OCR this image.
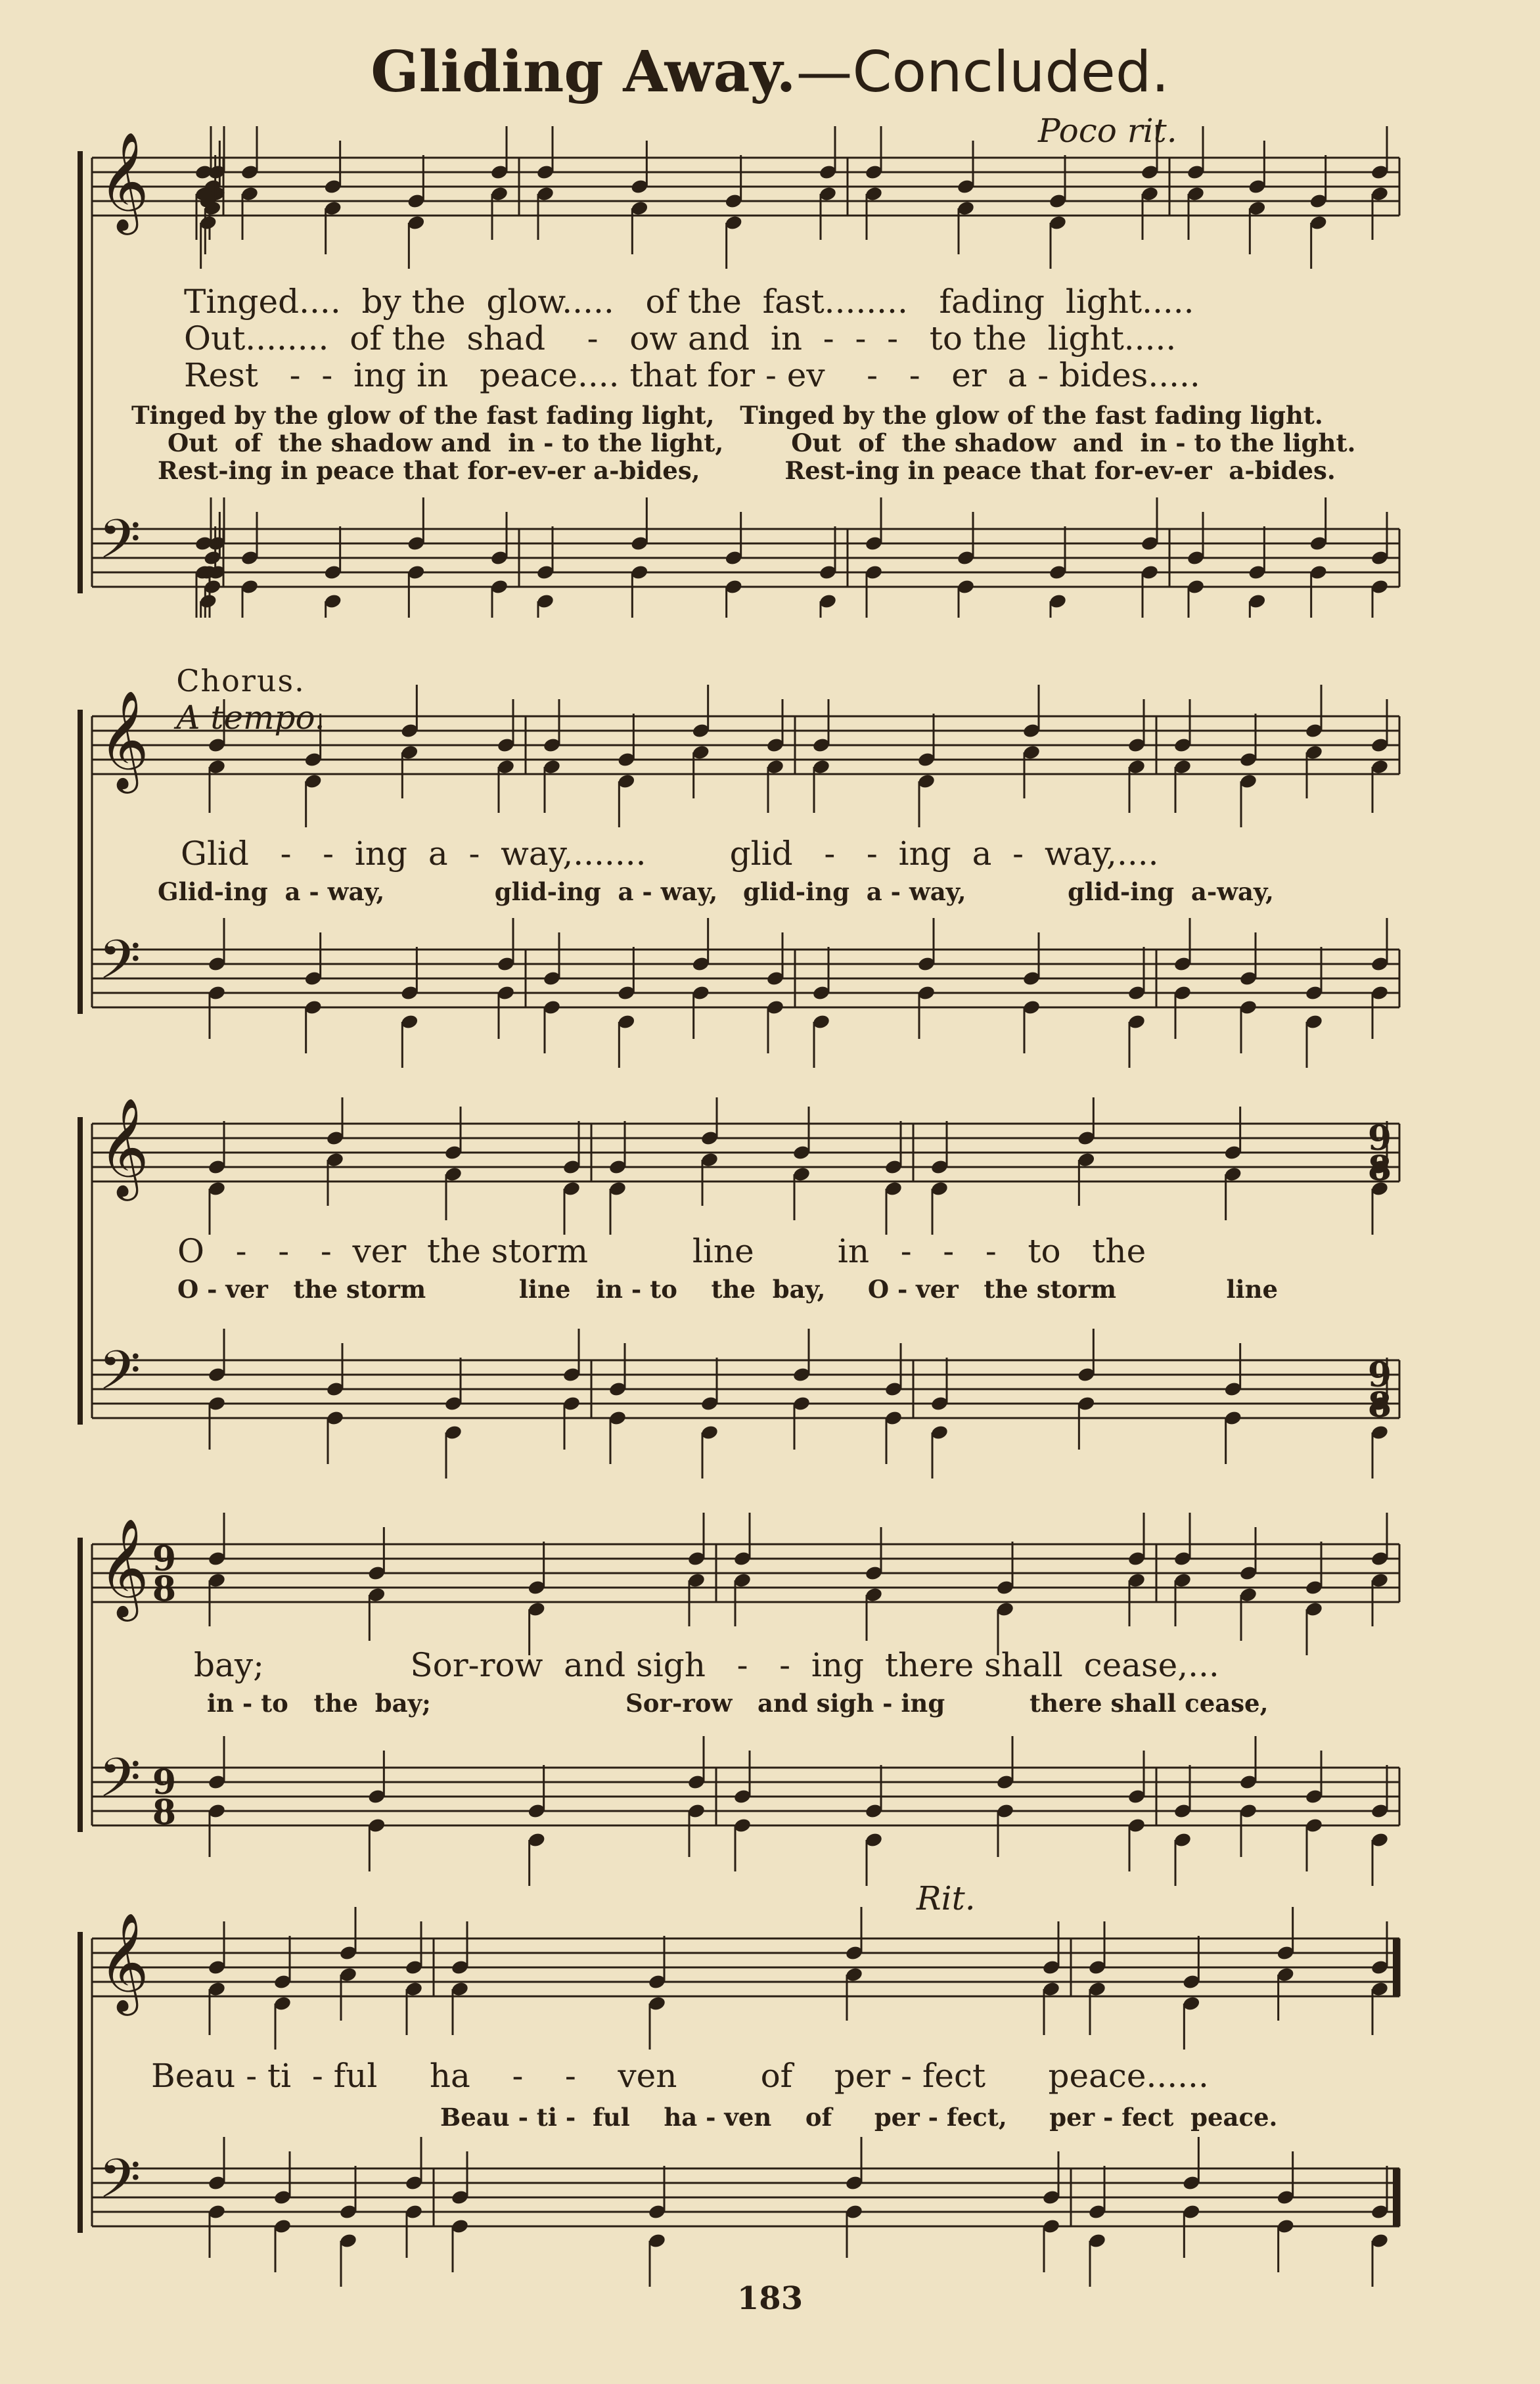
Gliding Away.—Concluded.
𝄞
𝄢
Poco rit.
Tinged....  by the  glow.....   of the  fast........   fading  light.....
Out........  of the  shad    -   ow and  in  -  -  -   to the  light.....
Rest   -  -  ing in   peace.... that for - ev    -   -   er  a - bides.....
Tinged by the glow of the fast fading light,   Tinged by the glow of the fast fading light.
Out  of  the shadow and  in - to the light,        Out  of  the shadow  and  in - to the light.
Rest-ing in peace that for-ev-er a-bides,          Rest-ing in peace that for-ev-er  a-bides.
𝄞
𝄢

Chorus.
A tempo.

Glid   -   -  ing  a  -  way,.......        glid   -   -  ing  a  -  way,....
Glid-ing  a - way,             glid-ing  a - way,   glid-ing  a - way,            glid-ing  a-way,
𝄞
𝄢
9
8
9
8
O   -   -   -  ver  the storm          line        in   -   -   -   to   the
O - ver   the storm           line   in - to    the  bay,     O - ver   the storm             line
𝄞
𝄢
9
8
9
8
bay;              Sor-row  and sigh   -   -  ing  there shall  cease,...
in - to   the  bay;                       Sor-row   and sigh - ing          there shall cease,
𝄞
𝄢
Rit.
Beau - ti  - ful     ha    -    -    ven        of    per - fect      peace......
Beau - ti -  ful    ha - ven    of     per - fect,     per - fect  peace.
183
